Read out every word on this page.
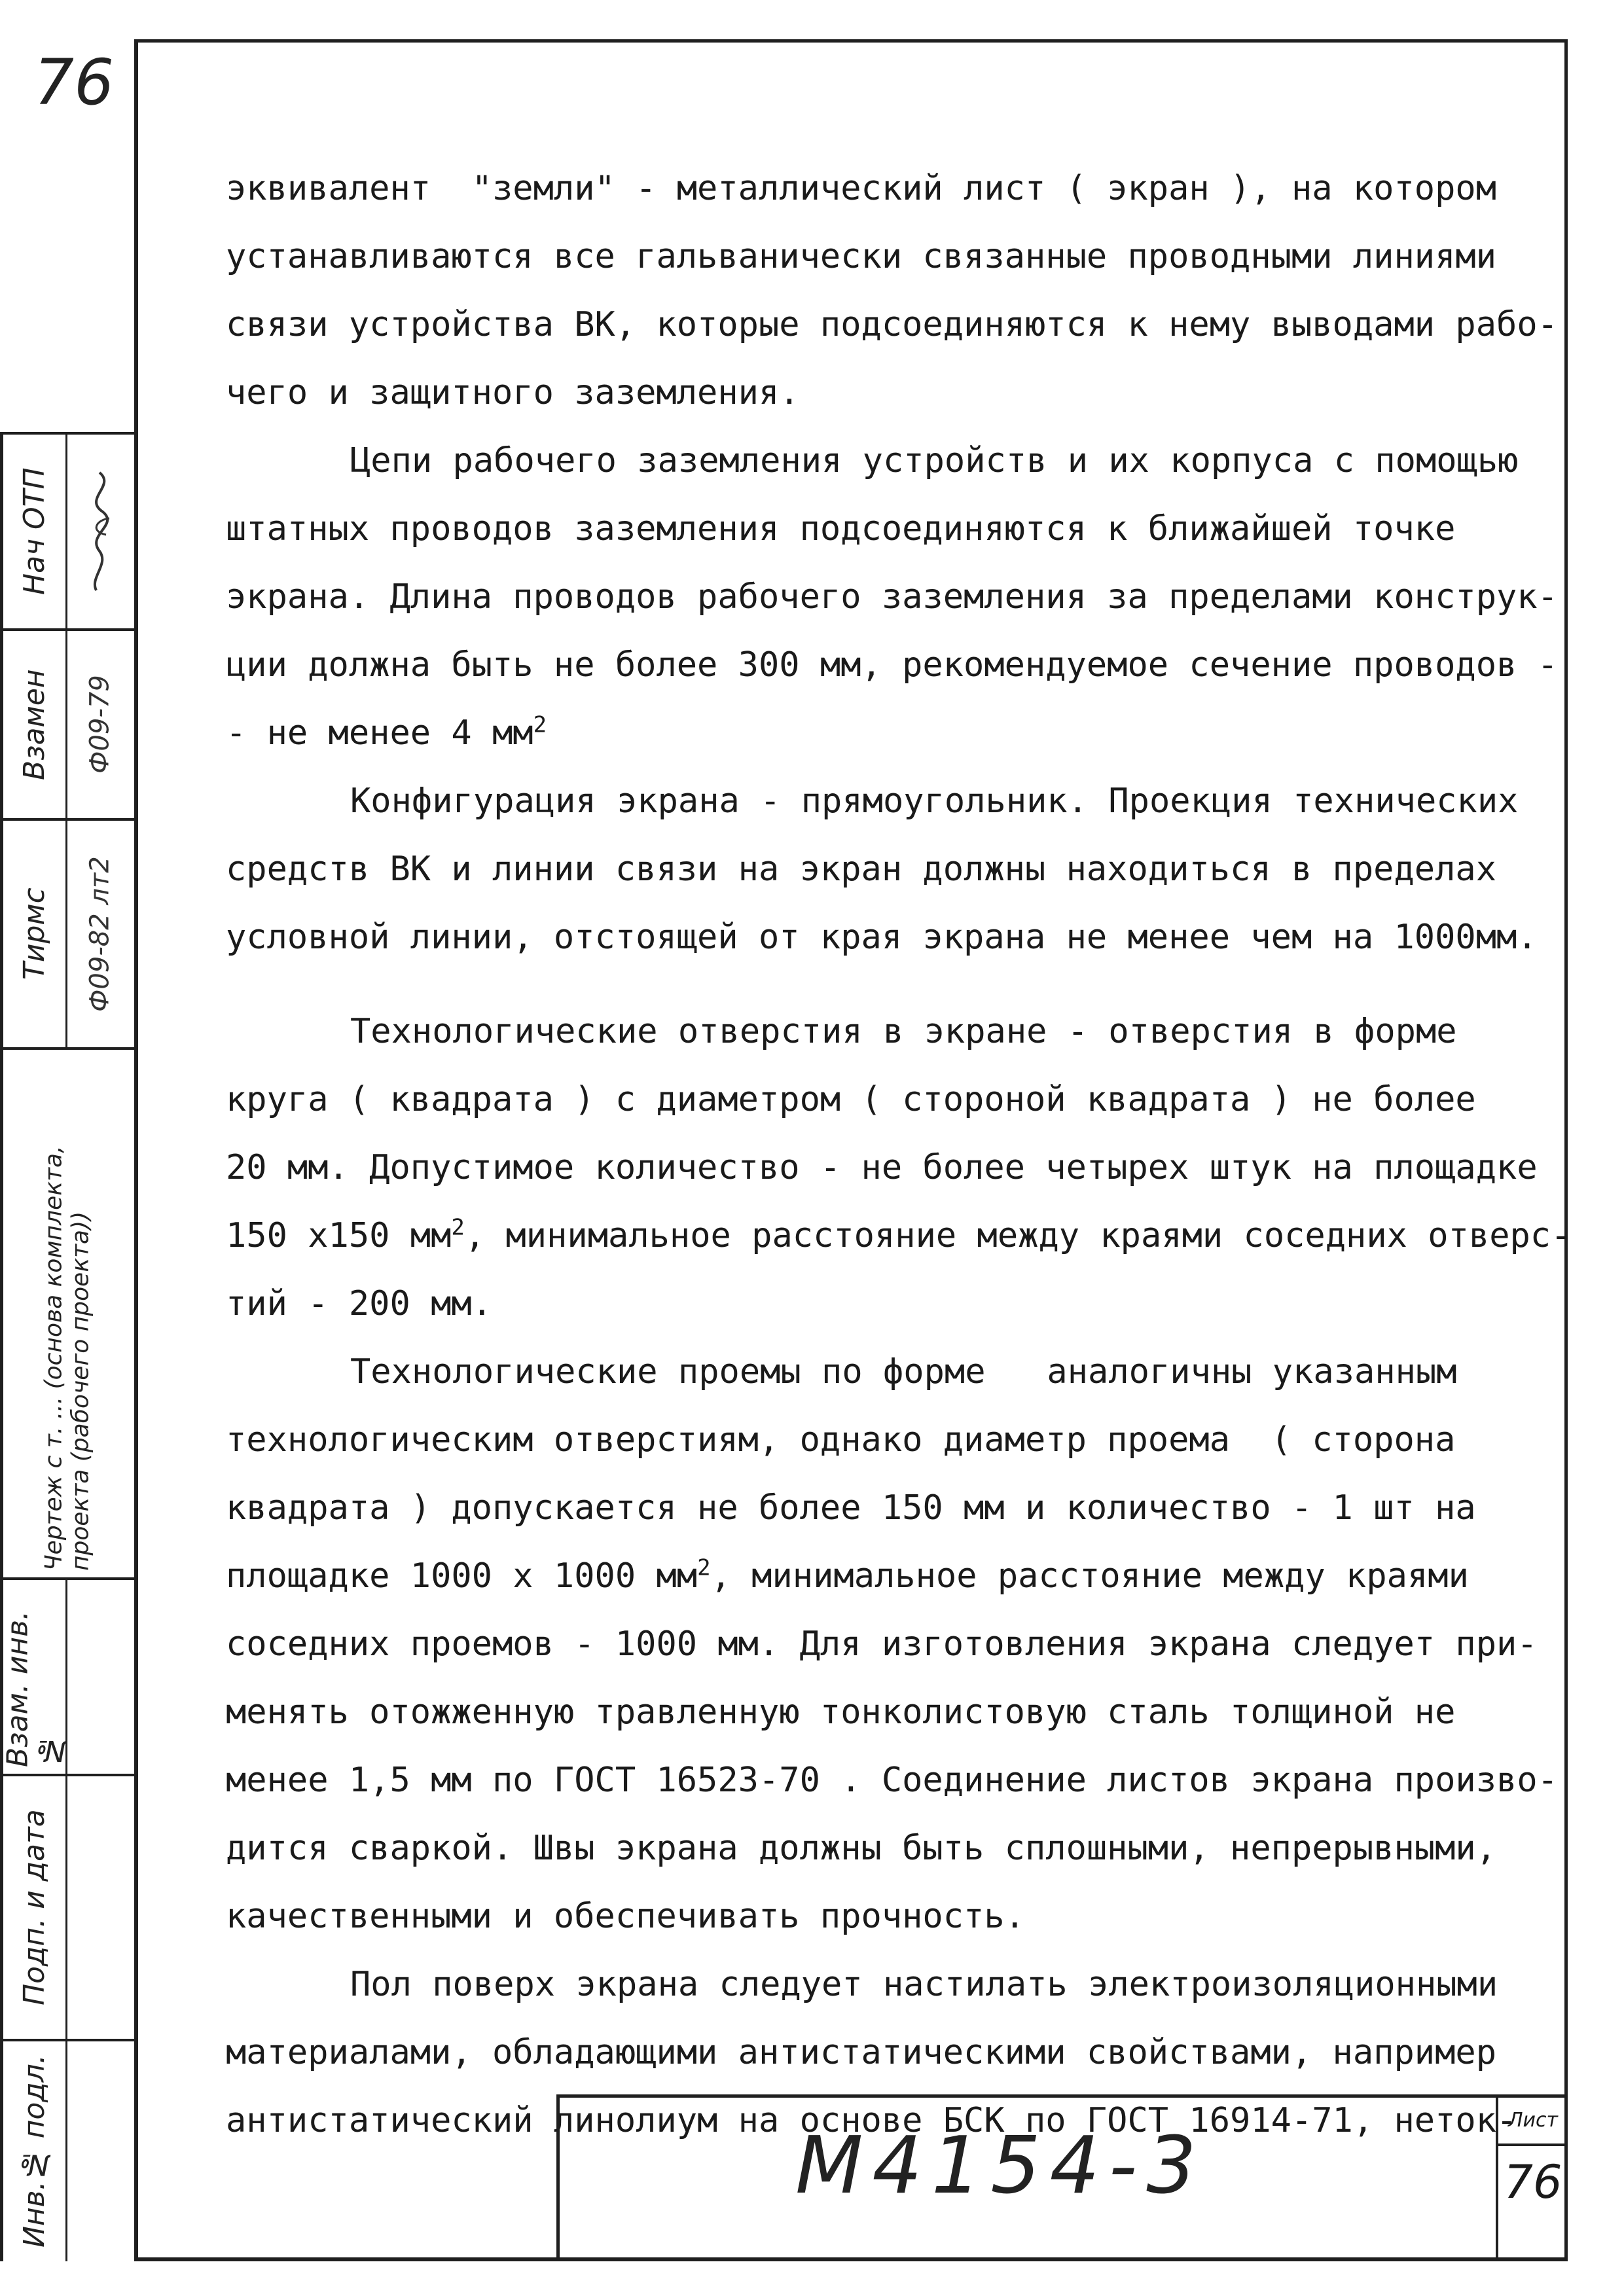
76
эквивалент  "земли" - металлический лист ( экран ), на котором
устанавливаются все гальванически связанные проводными линиями
связи устройства ВК, которые подсоединяются к нему выводами рабо-
чего и защитного заземления.
Цепи рабочего заземления устройств и их корпуса с помощью
штатных проводов заземления подсоединяются к ближайшей точке
экрана. Длина проводов рабочего заземления за пределами конструк-
ции должна быть не более 300 мм, рекомендуемое сечение проводов -
- не менее 4 $мм^2$
Конфигурация экрана - прямоугольник. Проекция технических
средств ВК и линии связи на экран должны находиться в пределах
условной линии, отстоящей от края экрана не менее чем на 1000мм.
Технологические отверстия в экране - отверстия в форме
круга ( квадрата ) с диаметром ( стороной квадрата ) не более
20 мм. Допустимое количество - не более четырех штук на площадке
150 x150 $мм^2$, минимальное расстояние между краями соседних отверс-
тий - 200 мм.
Технологические проемы по форме   аналогичны указанным
технологическим отверстиям, однако диаметр проема  ( сторона
квадрата ) допускается не более 150 мм и количество - 1 шт на
площадке 1000 x 1000 $мм^2$, минимальное расстояние между краями
соседних проемов - 1000 мм. Для изготовления экрана следует при-
менять отожженную травленную тонколистовую сталь толщиной не
менее 1,5 мм по ГОСТ 16523-70 . Соединение листов экрана произво-
дится сваркой. Швы экрана должны быть сплошными, непрерывными,
качественными и обеспечивать прочность.
Пол поверх экрана следует настилать электроизоляционными
материалами, обладающими антистатическими свойствами, например
антистатический линолиум на основе БСК по ГОСТ 16914-71, неток-
Инв.№ подл.
Подп. и дата
Взам. инв.№
Чертеж с т. ... (основа комплекта, проекта (рабочего проекта))
Тирмс	Ф09-82 лт2
Взамен	Ф09-79
Нач ОТП
М4154-3
Лист
76
